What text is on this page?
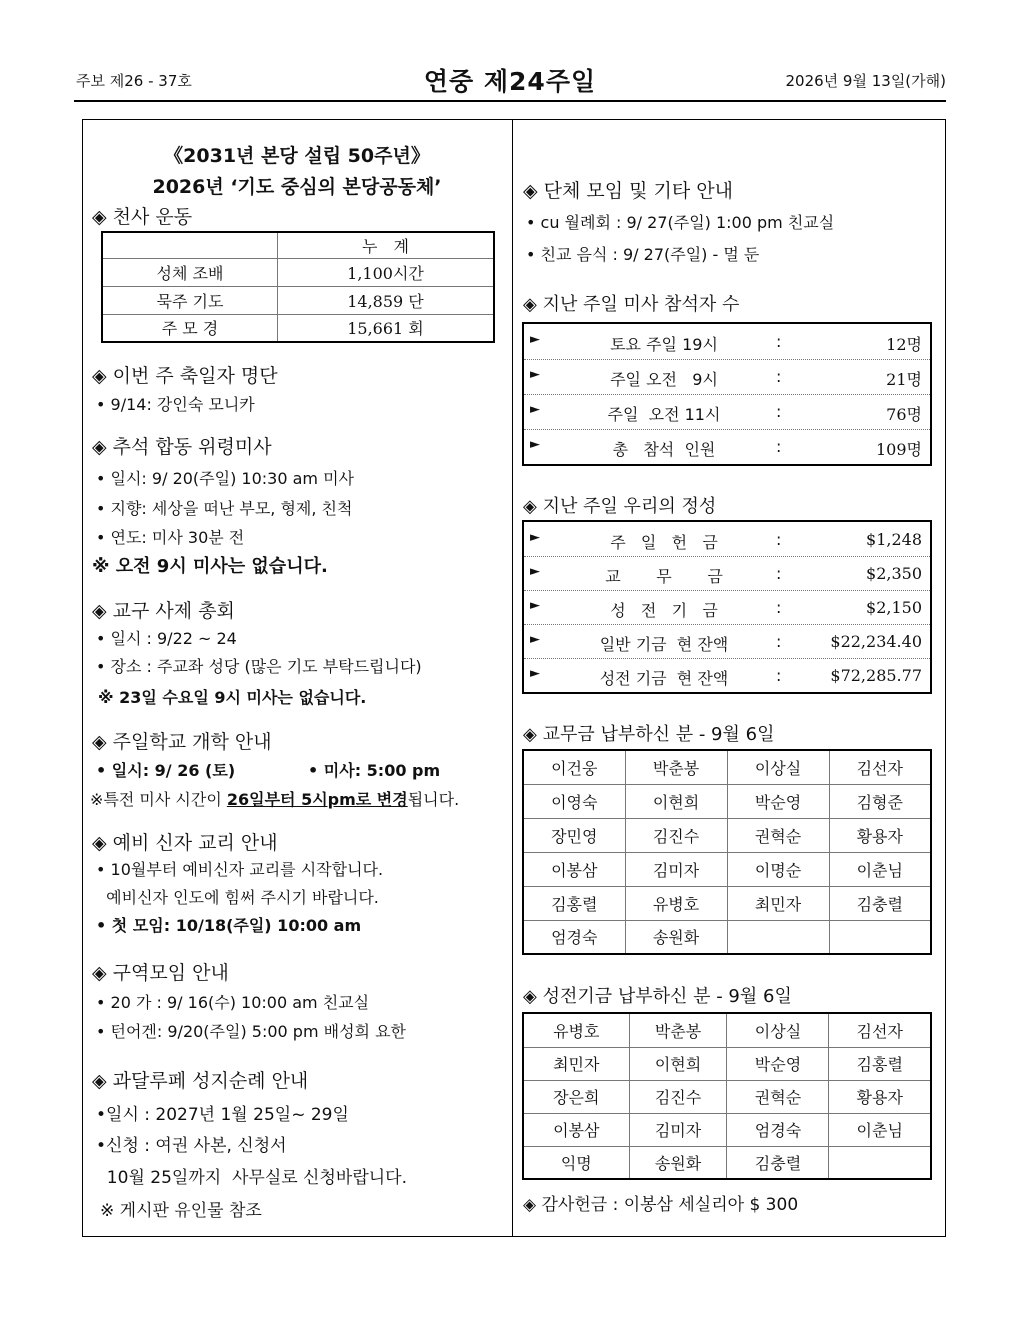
주보 제26 - 37호	연중 제24주일	2026년 9월 13일(가해)
《2031년 본당 설립 50주년》
2026년 ‘기도 중심의 본당공동체’
◈ 천사 운동
	누　계
성체 조배	1,100시간
묵주 기도	14,859 단
주 모 경	15,661 회
◈ 이번 주 축일자 명단
• 9/14: 강인숙 모니카
◈ 추석 합동 위령미사
• 일시: 9/ 20(주일) 10:30 am 미사
• 지향: 세상을 떠난 부모, 형제, 친척
• 연도: 미사 30분 전
※ 오전 9시 미사는 없습니다.
◈ 교구 사제 총회
• 일시 : 9/22 ~ 24
• 장소 : 주교좌 성당 (많은 기도 부탁드립니다)
※ 23일 수요일 9시 미사는 없습니다.
◈ 주일학교 개학 안내
• 일시: 9/ 26 (토)	• 미사: 5:00 pm
※특전 미사 시간이 26일부터 5시pm로 변경됩니다.
◈ 예비 신자 교리 안내
• 10월부터 예비신자 교리를 시작합니다.
예비신자 인도에 힘써 주시기 바랍니다.
• 첫 모임: 10/18(주일) 10:00 am
◈ 구역모임 안내
• 20 가 : 9/ 16(수) 10:00 am 친교실
• 턴어겐: 9/20(주일) 5:00 pm 배성희 요한
◈ 과달루페 성지순례 안내
•일시 : 2027년 1월 25일~ 29일
•신청 : 여권 사본, 신청서
10월 25일까지  사무실로 신청바랍니다.
※ 게시판 유인물 참조
◈ 단체 모임 및 기타 안내
• cu 월례회 : 9/ 27(주일) 1:00 pm 친교실
• 친교 음식 : 9/ 27(주일) - 멀 둔
◈ 지난 주일 미사 참석자 수
►	토요 주일 19시	:	12명
►	주일 오전   9시	:	21명
►	주일  오전 11시	:	76명
►	총   참석  인원	:	109명
◈ 지난 주일 우리의 정성
►	주   일   헌   금	:	$1,248
►	교       무       금	:	$2,350
►	성   전   기   금	:	$2,150
►	일반 기금  현 잔액	:	$22,234.40
►	성전 기금  현 잔액	:	$72,285.77
◈ 교무금 납부하신 분 - 9월 6일
이건웅	박춘봉	이상실	김선자
이영숙	이현희	박순영	김형준
장민영	김진수	권혁순	황용자
이봉삼	김미자	이명순	이춘님
김홍렬	유병호	최민자	김충렬
엄경숙	송원화		
◈ 성전기금 납부하신 분 - 9월 6일
유병호	박춘봉	이상실	김선자
최민자	이현희	박순영	김홍렬
장은희	김진수	권혁순	황용자
이봉삼	김미자	엄경숙	이춘님
익명	송원화	김충렬	
◈ 감사헌금 : 이봉삼 세실리아 $ 300
